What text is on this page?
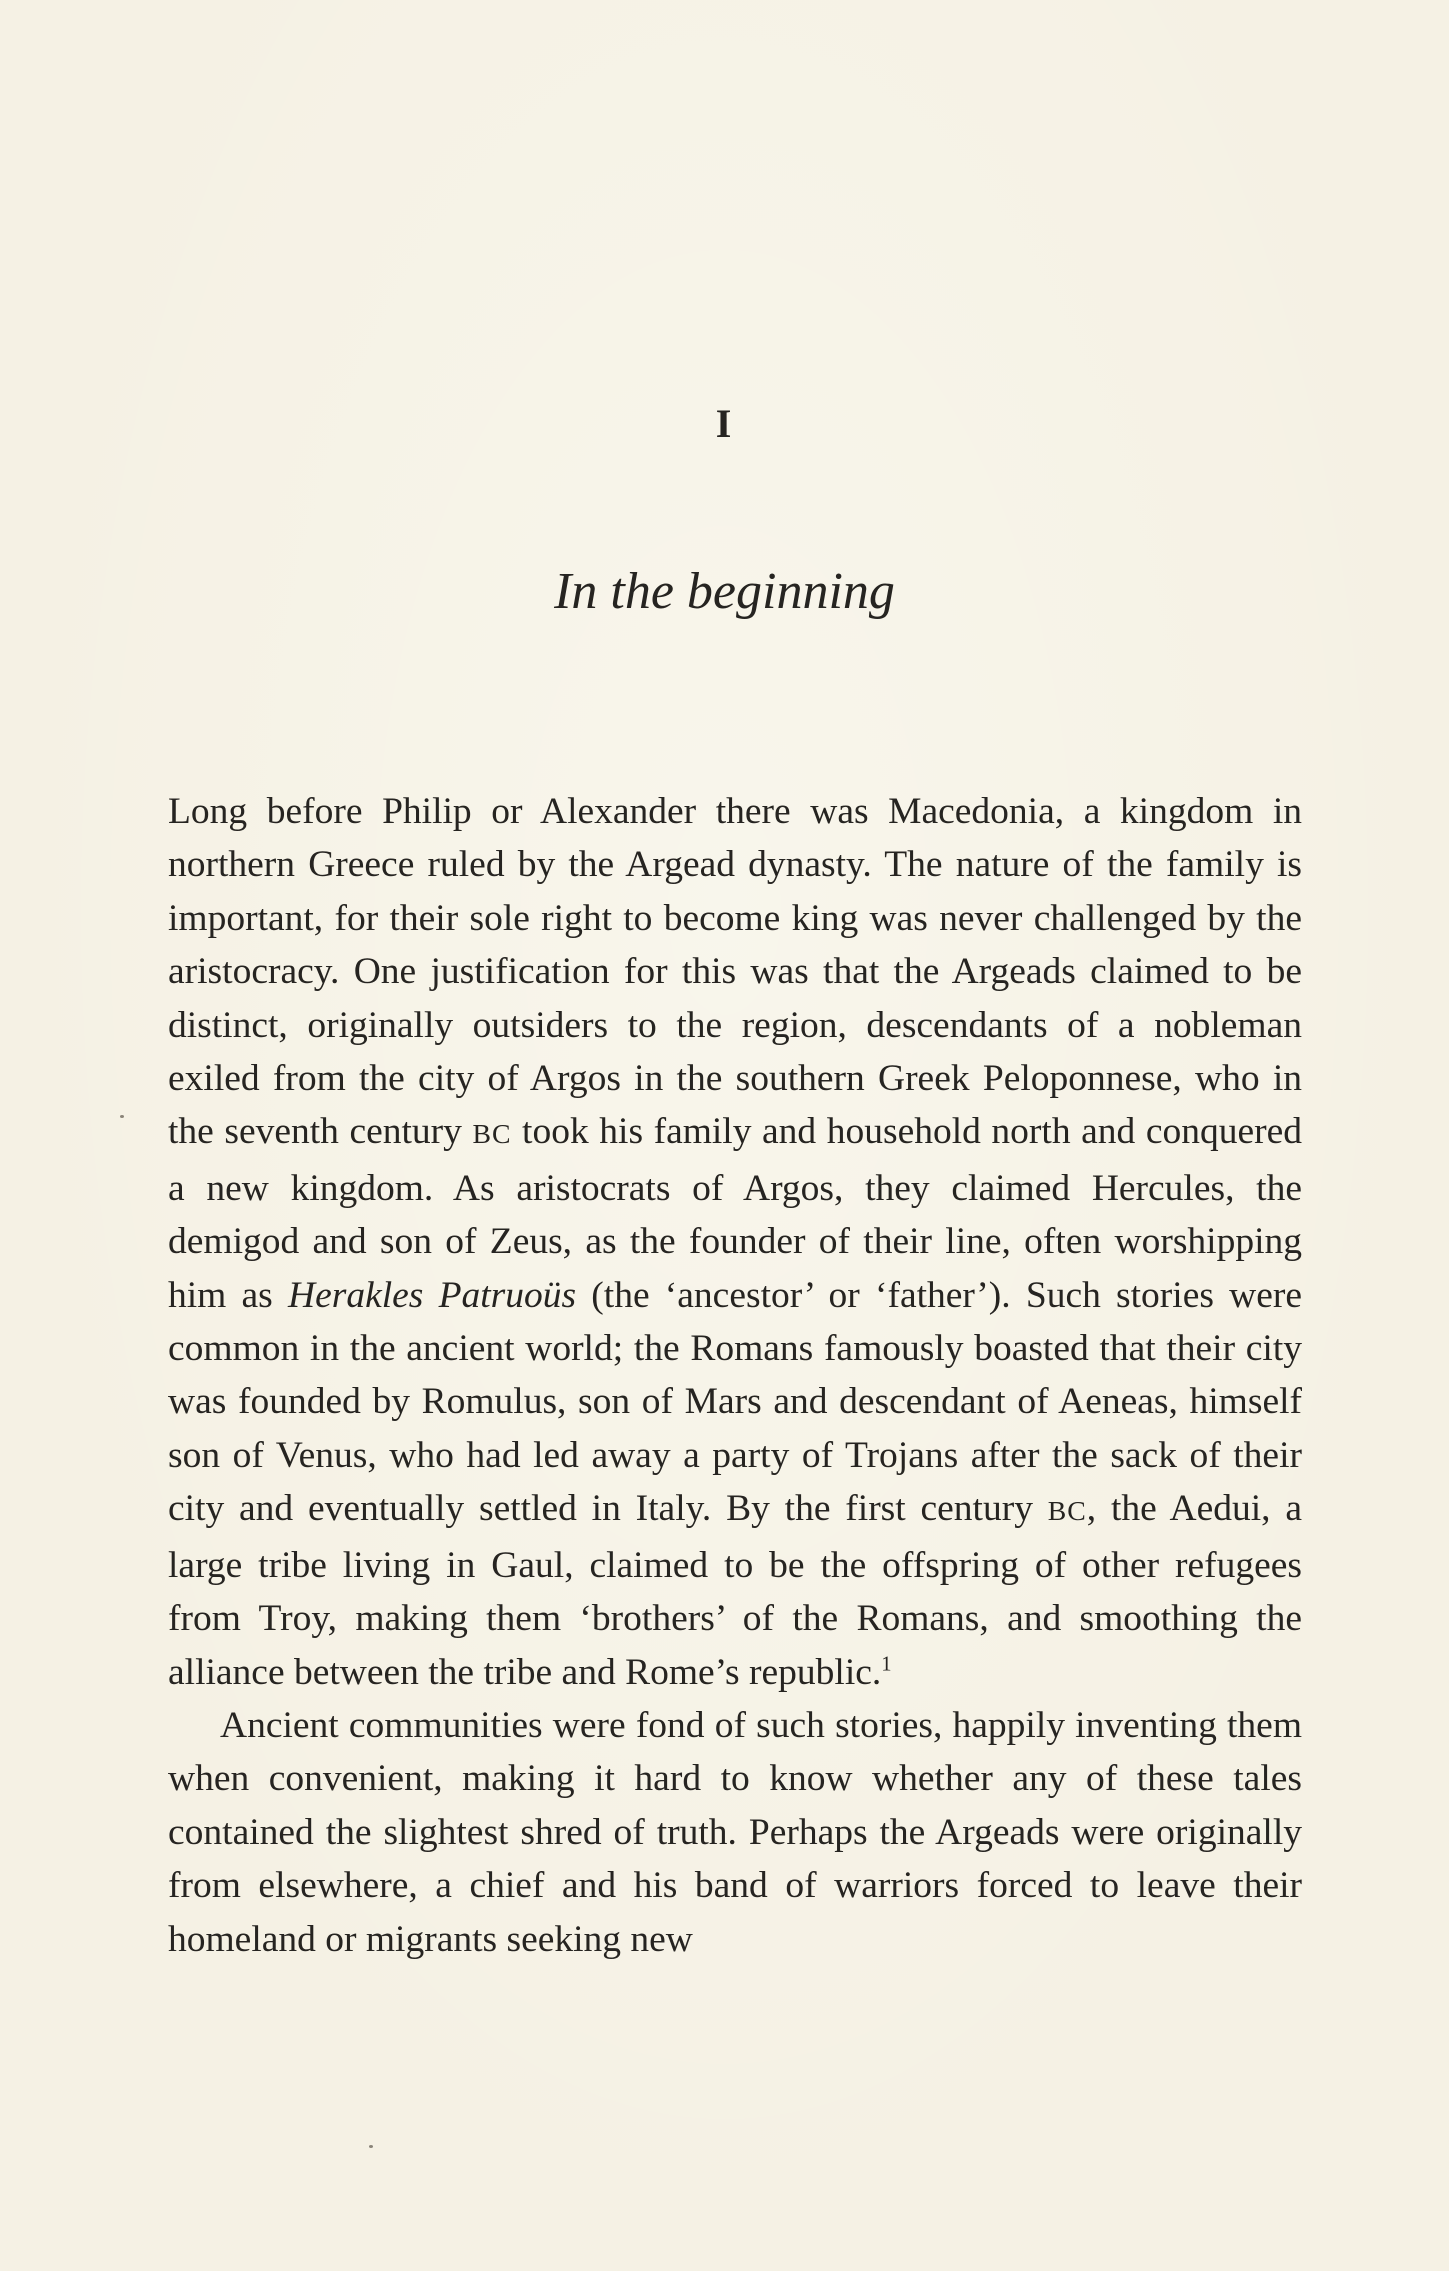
I
In the beginning

Long before Philip or Alexander there was Macedonia, a kingdom in northern Greece ruled by the Argead dynasty. The nature of the family is important, for their sole right to become king was never challenged by the aristocracy. One justification for this was that the Argeads claimed to be distinct, originally outsiders to the region, descendants of a nobleman exiled from the city of Argos in the southern Greek Peloponnese, who in the seventh century BC took his family and household north and conquered a new kingdom. As aristocrats of Argos, they claimed Hercules, the demigod and son of Zeus, as the founder of their line, often worshipping him as Herakles Patruoüs (the ‘ancestor’ or ‘father’). Such stories were common in the ancient world; the Romans famously boasted that their city was founded by Romulus, son of Mars and descendant of Aeneas, himself son of Venus, who had led away a party of Trojans after the sack of their city and eventually settled in Italy. By the first century BC, the Aedui, a large tribe living in Gaul, claimed to be the offspring of other refugees from Troy, making them ‘brothers’ of the Romans, and smoothing the alliance between the tribe and Rome’s republic.$^1$

Ancient communities were fond of such stories, happily inventing them when convenient, making it hard to know whether any of these tales contained the slightest shred of truth. Perhaps the Argeads were originally from elsewhere, a chief and his band of warriors forced to leave their homeland or migrants seeking new
